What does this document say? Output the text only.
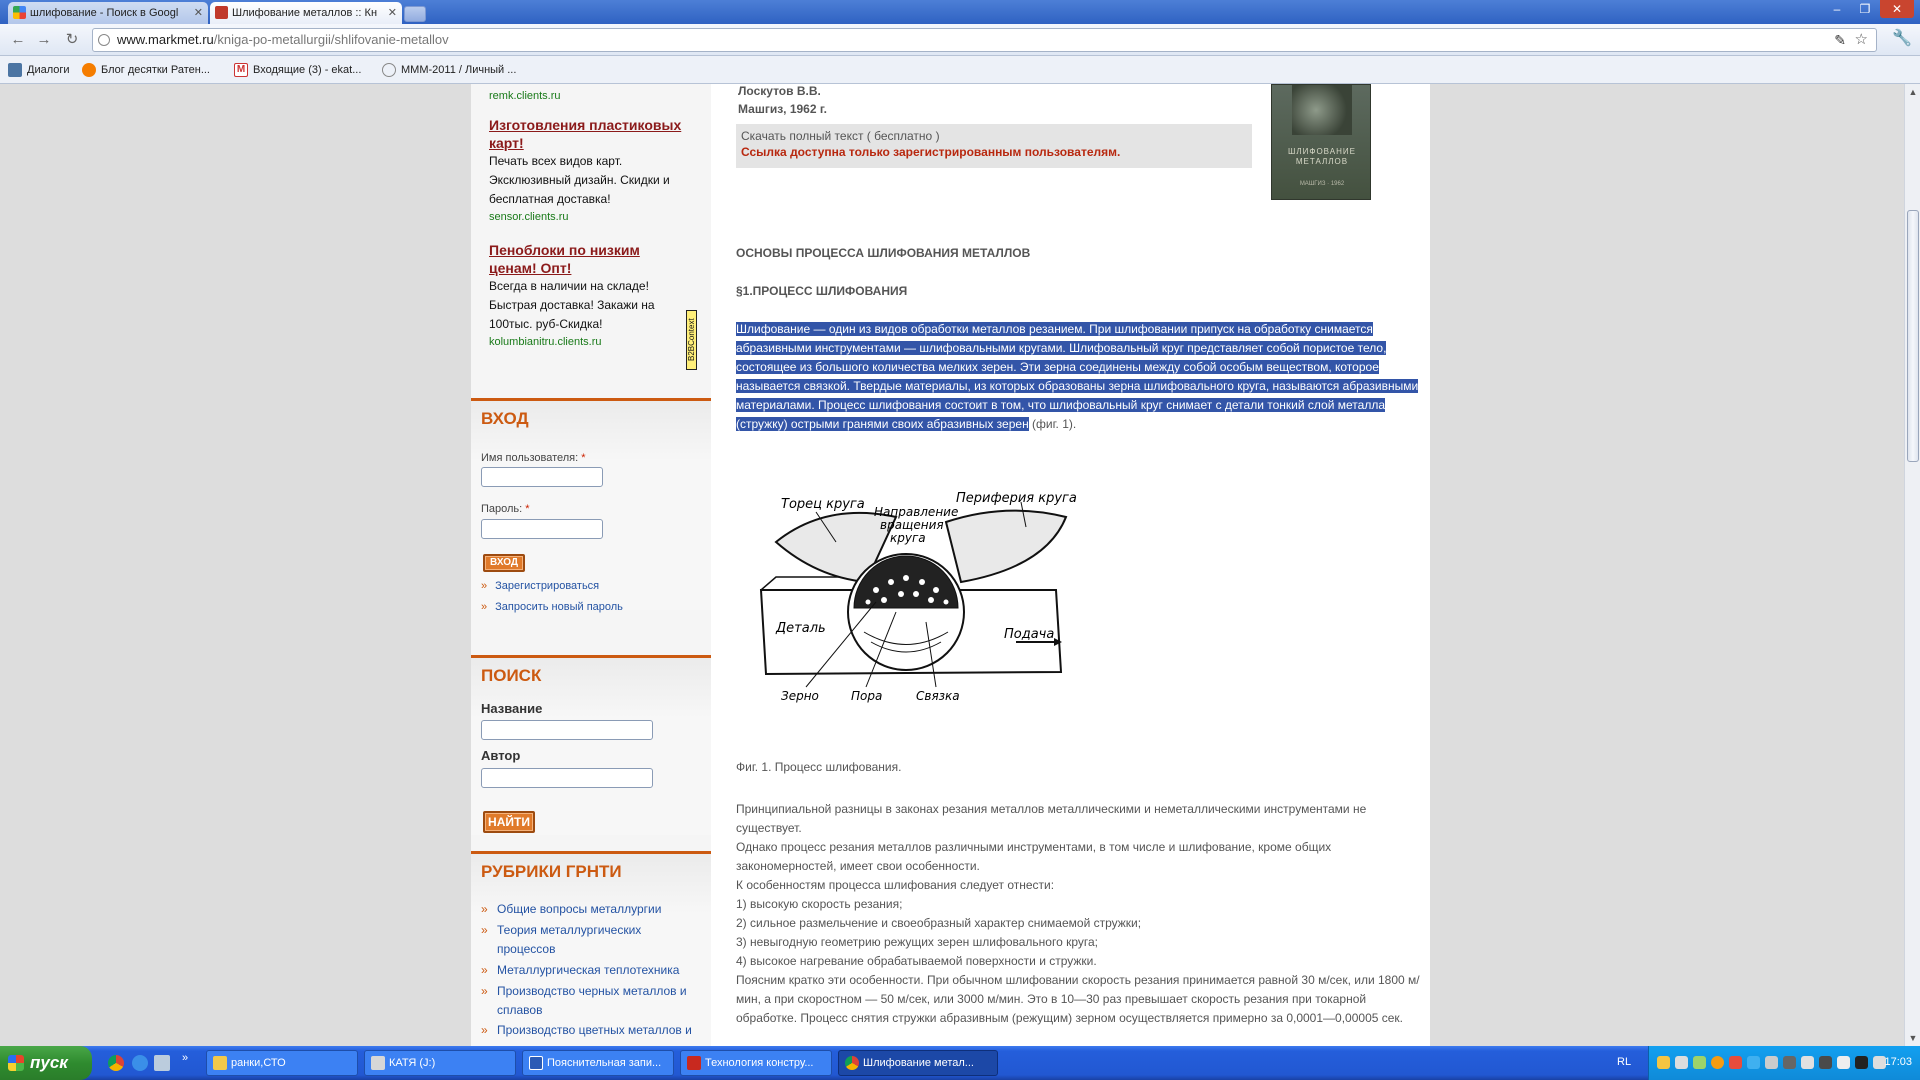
шлифование - Поиск в Googl ✕	Шлифование металлов :: Кн ✕	–	❐	✕
← → ↻	www.markmet.ru/kniga-po-metallurgii/shlifovanie-metallov	✎ ☆ 🔧
Диалоги	Блог десятки Ратен...	M Входящие (3) - ekat...	МММ-2011 / Личный ...
remk.clients.ru
Изготовления пластиковых карт!
Печать всех видов карт. Эксклюзивный дизайн. Скидки и бесплатная доставка!
sensor.clients.ru
Пеноблоки по низким ценам! Опт!
Всегда в наличии на складе! Быстрая доставка! Закажи на 100тыс. руб-Скидка!
kolumbianitru.clients.ru	B2BContext
ВХОД
Имя пользователя: *
Пароль: *
ВХОД
» Зарегистрироваться
» Запросить новый пароль
ПОИСК
Название
Автор
НАЙТИ
РУБРИКИ ГРНТИ
» Общие вопросы металлургии
» Теория металлургических процессов
» Металлургическая теплотехника
» Производство черных металлов и сплавов
» Производство цветных металлов и
Лоскутов В.В.
Машгиз, 1962 г.
Скачать полный текст ( бесплатно )
Ссылка доступна только зарегистрированным пользователям.	ШЛИФОВАНИЕ МЕТАЛЛОВ
МАШГИЗ · 1962
ОСНОВЫ ПРОЦЕССА ШЛИФОВАНИЯ МЕТАЛЛОВ
§1.ПРОЦЕСС ШЛИФОВАНИЯ
Шлифование — один из видов обработки металлов резанием. При шлифовании припуск на обработку снимается абразивными инструментами — шлифовальными кругами. Шлифовальный круг представляет собой пористое тело, состоящее из большого количества мелких зерен. Эти зерна соединены между собой особым веществом, которое называется связкой. Твердые материалы, из которых образованы зерна шлифовального круга, называются абразивными материалами. Процесс шлифования состоит в том, что шлифовальный круг снимает с детали тонкий слой металла (стружку) острыми гранями своих абразивных зерен (фиг. 1).
Торец круга	Периферия круга
Направление вращения круга
Деталь	Подача
Зерно	Пора	Связка
Фиг. 1. Процесс шлифования.
Принципиальной разницы в законах резания металлов металлическими и неметаллическими инструментами не существует.
Однако процесс резания металлов различными инструментами, в том числе и шлифование, кроме общих закономерностей, имеет свои особенности.
К особенностям процесса шлифования следует отнести:
1) высокую скорость резания;
2) сильное размельчение и своеобразный характер снимаемой стружки;
3) невыгодную геометрию режущих зерен шлифовального круга;
4) высокое нагревание обрабатываемой поверхности и стружки.
Поясним кратко эти особенности. При обычном шлифовании скорость резания принимается равной 30 м/сек, или 1800 м/мин, а при скоростном — 50 м/сек, или 3000 м/мин. Это в 10—30 раз превышает скорость резания при токарной обработке. Процесс снятия стружки абразивным (режущим) зерном осуществляется примерно за 0,0001—0,00005 сек.
▲
▼
пуск	»	ранки,СТО	КАТЯ (J:)	Пояснительная запи...	Технология констру...	Шлифование метал...	RL	17:03
